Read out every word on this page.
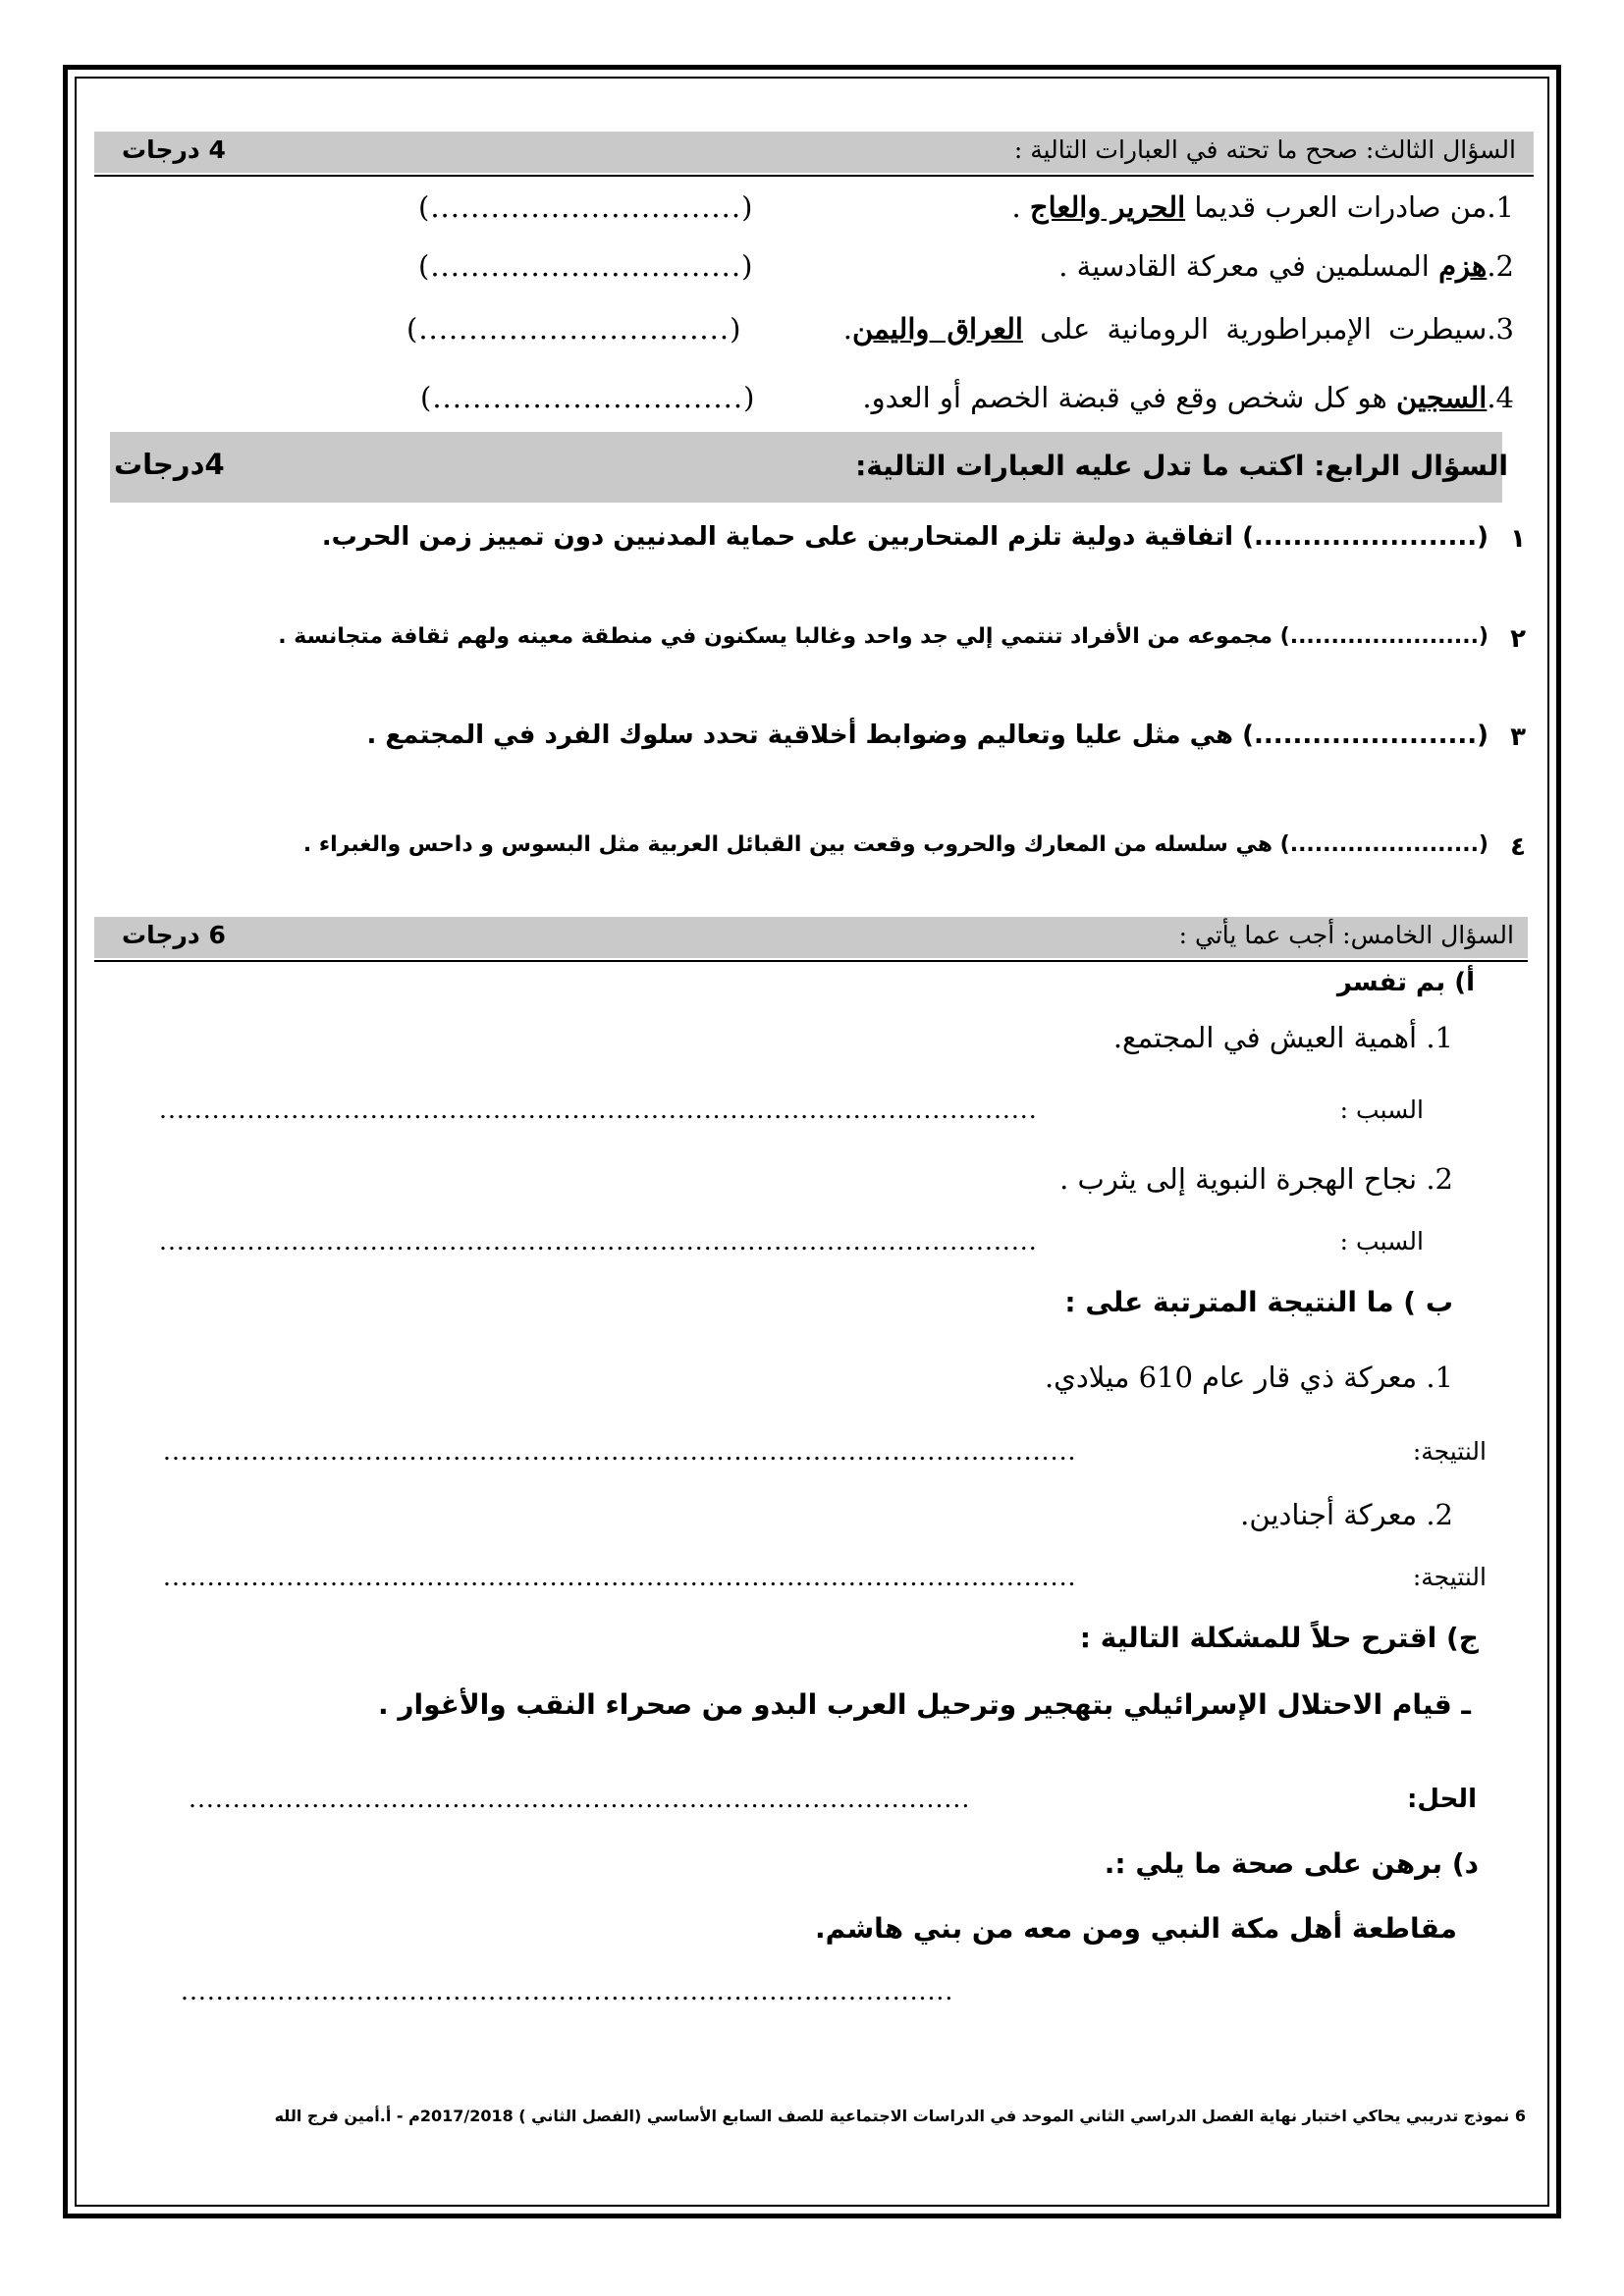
السؤال الثالث: صحح ما تحته في العبارات التالية :
4 درجات
1.من صادرات العرب قديما الحرير والعاج .
(...............................)
2.هزم المسلمين في معركة القادسية .
(...............................)
3.سيطرت الإمبراطورية الرومانية على العراق واليمن.
(...............................)
4.السجين هو كل شخص وقع في قبضة الخصم أو العدو.
(...............................)
السؤال الرابع: اكتب ما تدل عليه العبارات التالية:
4درجات
١
(.......................) اتفاقية دولية تلزم المتحاربين على حماية المدنيين دون تمييز زمن الحرب.
٢
(.......................) مجموعه من الأفراد تنتمي إلي جد واحد وغالبا يسكنون في منطقة معينه ولهم ثقافة متجانسة .
٣
(.......................) هي مثل عليا وتعاليم وضوابط أخلاقية تحدد سلوك الفرد في المجتمع .
٤
(.......................) هي سلسله من المعارك والحروب وقعت بين القبائل العربية مثل البسوس و داحس والغبراء .
السؤال الخامس: أجب عما يأتي :
6 درجات
أ) بم تفسر
1. أهمية العيش في المجتمع.
السبب :
....................................................................................................
2. نجاح الهجرة النبوية إلى يثرب .
السبب :
....................................................................................................
ب ) ما النتيجة المترتبة على :
1. معركة ذي قار عام 610 ميلادي.
النتيجة:
........................................................................................................
2. معركة أجنادين.
النتيجة:
........................................................................................................
ج) اقترح حلاً للمشكلة التالية :
ـ قيام الاحتلال الإسرائيلي بتهجير وترحيل العرب البدو من صحراء النقب والأغوار .
الحل:
.........................................................................................
د) برهن على صحة ما يلي :.
مقاطعة أهل مكة النبي ومن معه من بني هاشم.
........................................................................................
6 نموذج تدريبي يحاكي اختبار نهاية الفصل الدراسي الثاني الموحد في الدراسات الاجتماعية للصف السابع الأساسي (الفصل الثاني ) 2017/2018م - أ.أمين فرج الله
